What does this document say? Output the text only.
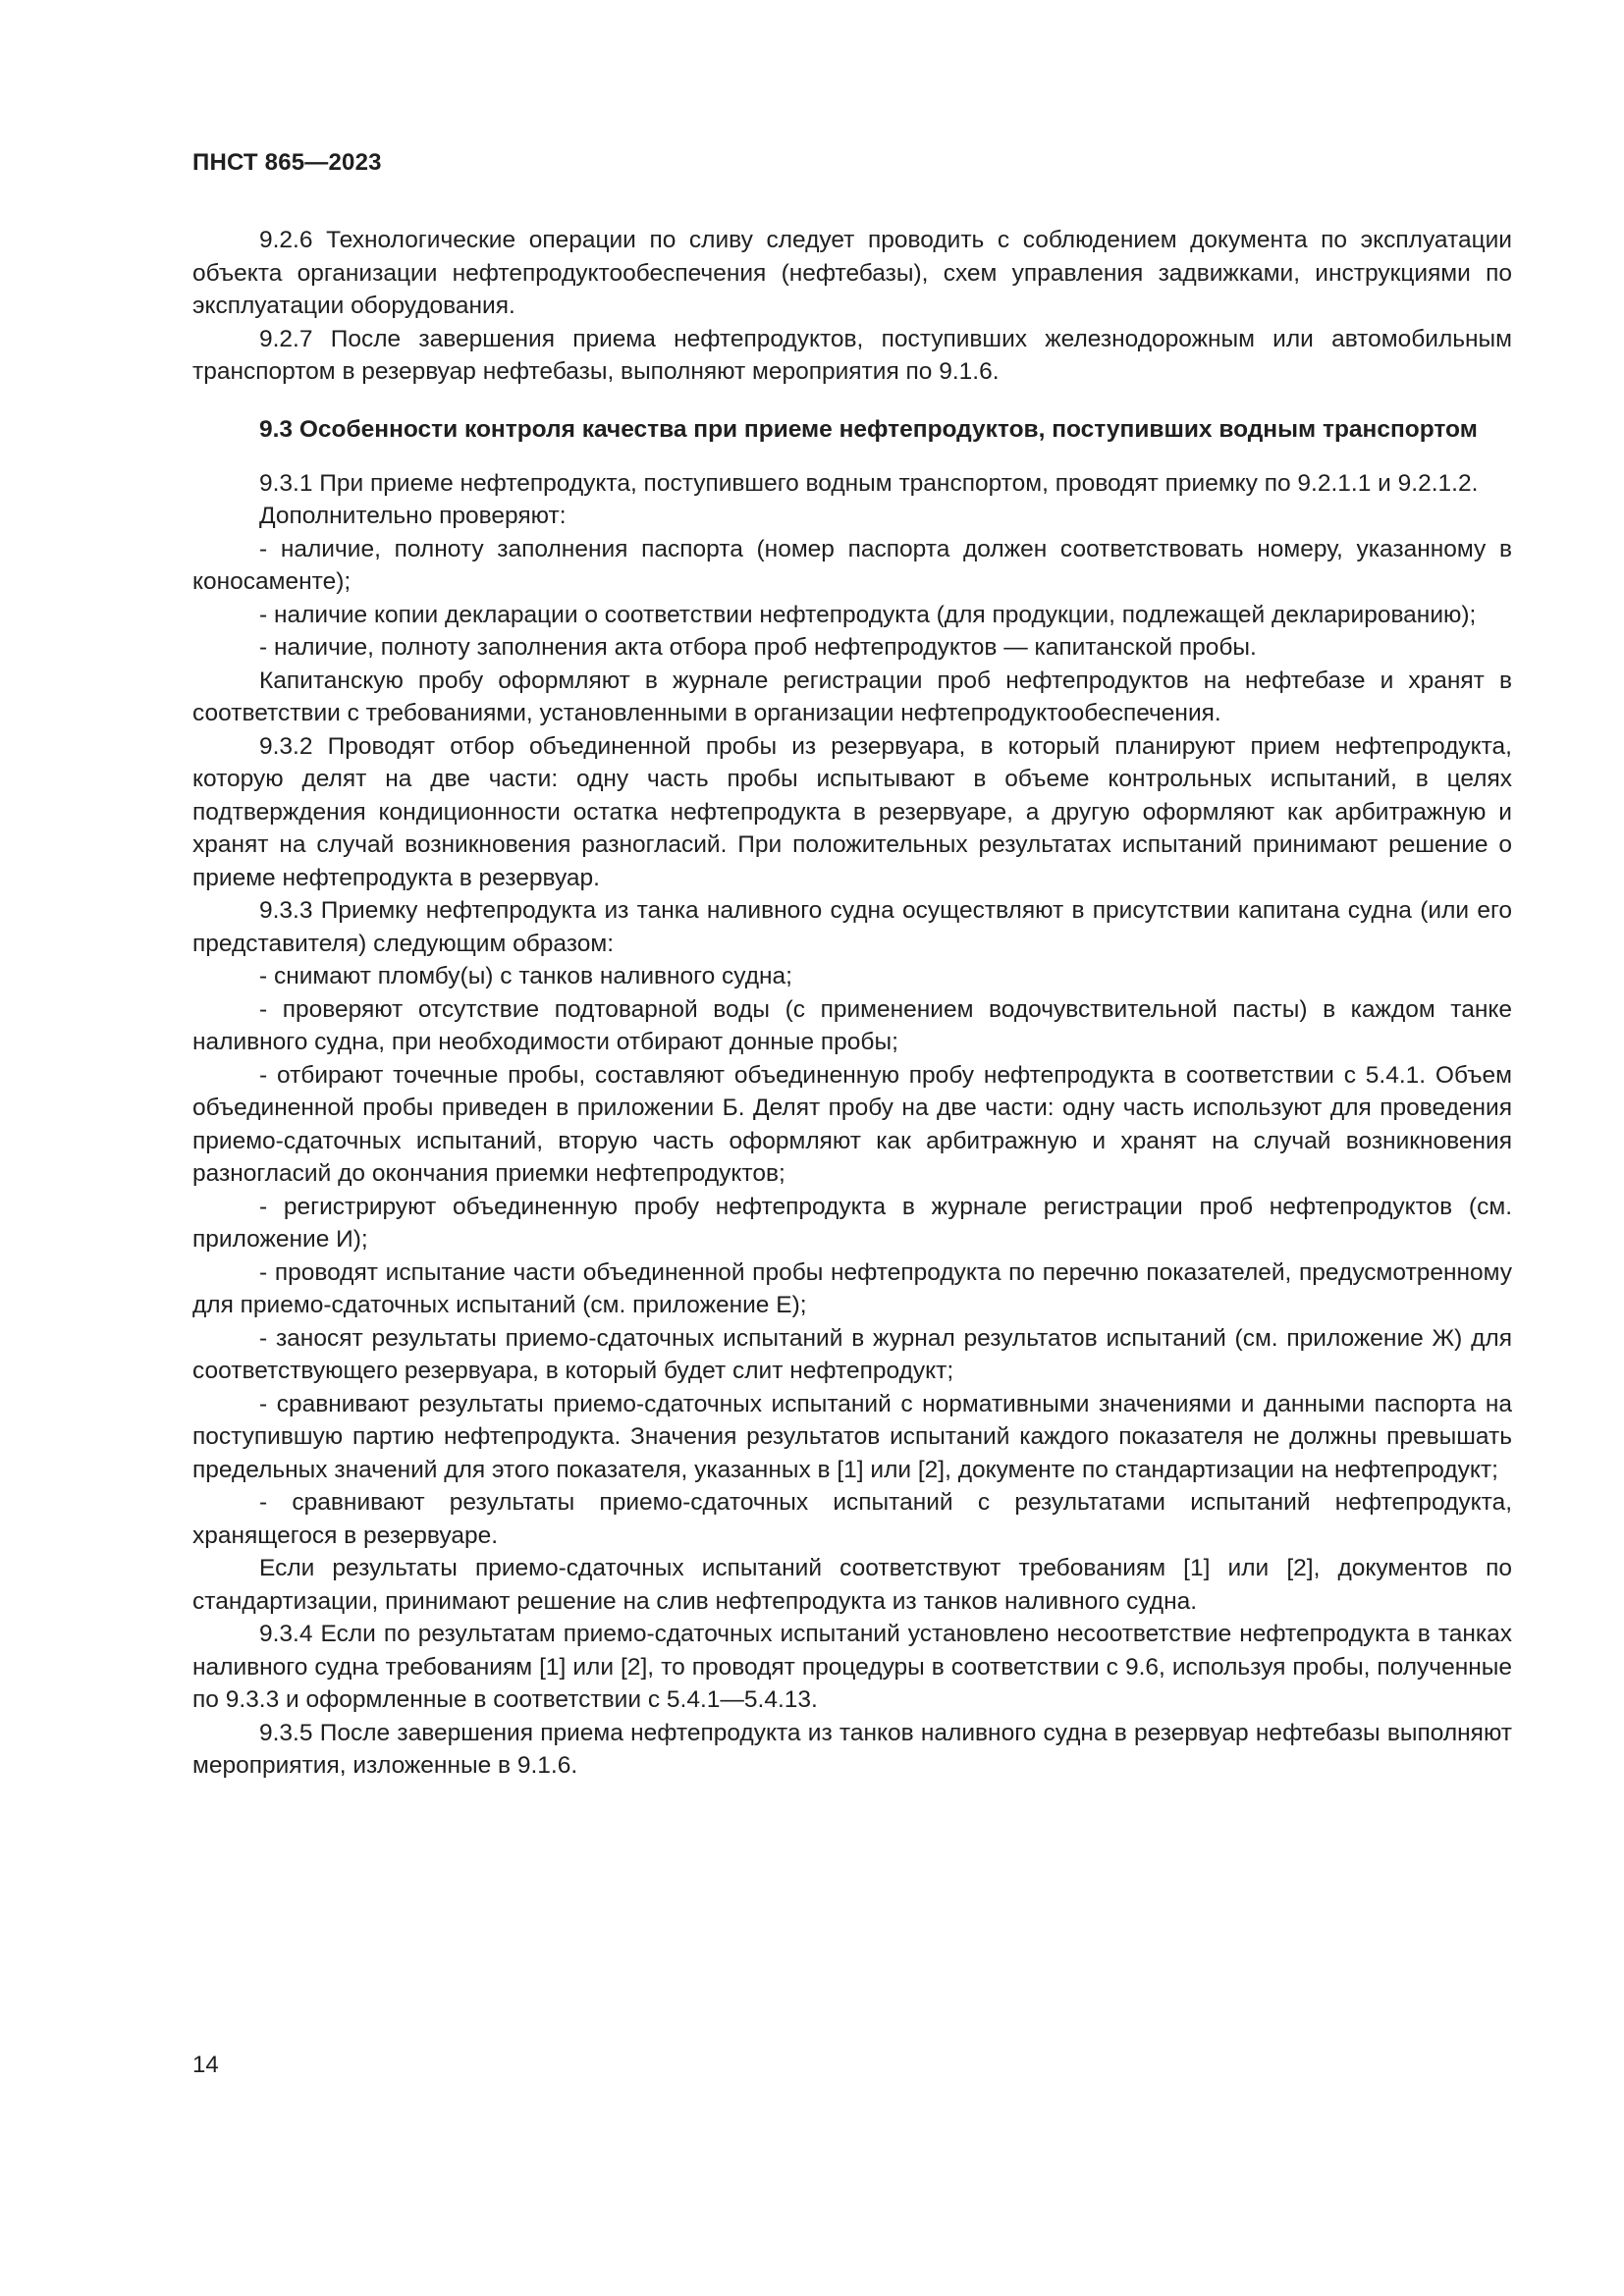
ПНСТ 865—2023

9.2.6 Технологические операции по сливу следует проводить с соблюдением документа по эксплуатации объекта организации нефтепродуктообеспечения (нефтебазы), схем управления задвижками, инструкциями по эксплуатации оборудования.

9.2.7 После завершения приема нефтепродуктов, поступивших железнодорожным или автомобильным транспортом в резервуар нефтебазы, выполняют мероприятия по 9.1.6.

9.3 Особенности контроля качества при приеме нефтепродуктов, поступивших водным транспортом

9.3.1 При приеме нефтепродукта, поступившего водным транспортом, проводят приемку по 9.2.1.1 и 9.2.1.2.

Дополнительно проверяют:

- наличие, полноту заполнения паспорта (номер паспорта должен соответствовать номеру, указанному в коносаменте);

- наличие копии декларации о соответствии нефтепродукта (для продукции, подлежащей декларированию);

- наличие, полноту заполнения акта отбора проб нефтепродуктов — капитанской пробы.

Капитанскую пробу оформляют в журнале регистрации проб нефтепродуктов на нефтебазе и хранят в соответствии с требованиями, установленными в организации нефтепродуктообеспечения.

9.3.2 Проводят отбор объединенной пробы из резервуара, в который планируют прием нефтепродукта, которую делят на две части: одну часть пробы испытывают в объеме контрольных испытаний, в целях подтверждения кондиционности остатка нефтепродукта в резервуаре, а другую оформляют как арбитражную и хранят на случай возникновения разногласий. При положительных результатах испытаний принимают решение о приеме нефтепродукта в резервуар.

9.3.3 Приемку нефтепродукта из танка наливного судна осуществляют в присутствии капитана судна (или его представителя) следующим образом:

- снимают пломбу(ы) с танков наливного судна;

- проверяют отсутствие подтоварной воды (с применением водочувствительной пасты) в каждом танке наливного судна, при необходимости отбирают донные пробы;

- отбирают точечные пробы, составляют объединенную пробу нефтепродукта в соответствии с 5.4.1. Объем объединенной пробы приведен в приложении Б. Делят пробу на две части: одну часть используют для проведения приемо-сдаточных испытаний, вторую часть оформляют как арбитражную и хранят на случай возникновения разногласий до окончания приемки нефтепродуктов;

- регистрируют объединенную пробу нефтепродукта в журнале регистрации проб нефтепродуктов (см. приложение И);

- проводят испытание части объединенной пробы нефтепродукта по перечню показателей, предусмотренному для приемо-сдаточных испытаний (см. приложение Е);

- заносят результаты приемо-сдаточных испытаний в журнал результатов испытаний (см. приложение Ж) для соответствующего резервуара, в который будет слит нефтепродукт;

- сравнивают результаты приемо-сдаточных испытаний с нормативными значениями и данными паспорта на поступившую партию нефтепродукта. Значения результатов испытаний каждого показателя не должны превышать предельных значений для этого показателя, указанных в [1] или [2], документе по стандартизации на нефтепродукт;

- сравнивают результаты приемо-сдаточных испытаний с результатами испытаний нефтепродукта, хранящегося в резервуаре.

Если результаты приемо-сдаточных испытаний соответствуют требованиям [1] или [2], документов по стандартизации, принимают решение на слив нефтепродукта из танков наливного судна.

9.3.4 Если по результатам приемо-сдаточных испытаний установлено несоответствие нефтепродукта в танках наливного судна требованиям [1] или [2], то проводят процедуры в соответствии с 9.6, используя пробы, полученные по 9.3.3 и оформленные в соответствии с 5.4.1—5.4.13.

9.3.5 После завершения приема нефтепродукта из танков наливного судна в резервуар нефтебазы выполняют мероприятия, изложенные в 9.1.6.

14
